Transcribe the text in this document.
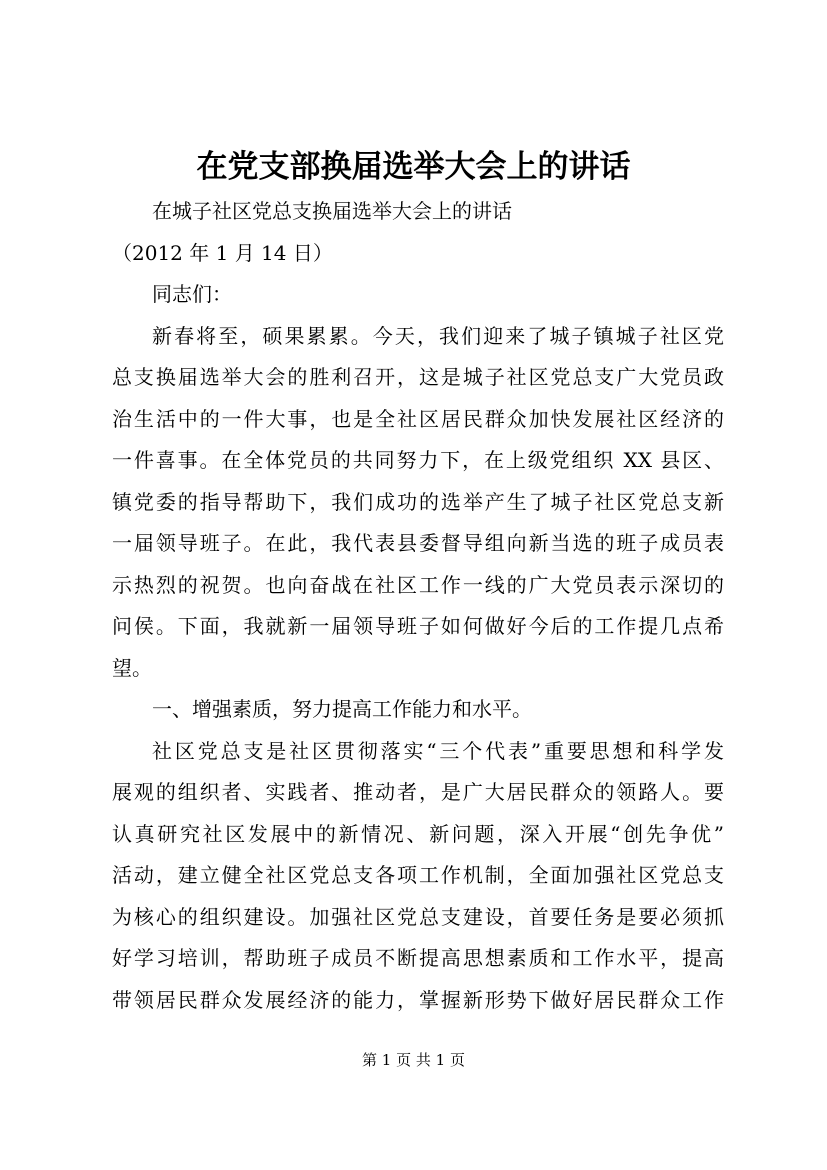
在党支部换届选举大会上的讲话
在城子社区党总支换届选举大会上的讲话
（2012 年 1 月 14 日）
同志们：
新春将至，硕果累累。今天，我们迎来了城子镇城子社区党
总支换届选举大会的胜利召开，这是城子社区党总支广大党员政
治生活中的一件大事，也是全社区居民群众加快发展社区经济的
一件喜事。在全体党员的共同努力下，在上级党组织 XX 县区、
镇党委的指导帮助下，我们成功的选举产生了城子社区党总支新
一届领导班子。在此，我代表县委督导组向新当选的班子成员表
示热烈的祝贺。也向奋战在社区工作一线的广大党员表示深切的
问侯。下面，我就新一届领导班子如何做好今后的工作提几点希
望。
一、增强素质，努力提高工作能力和水平。
社区党总支是社区贯彻落实“三个代表”重要思想和科学发
展观的组织者、实践者、推动者，是广大居民群众的领路人。要
认真研究社区发展中的新情况、新问题，深入开展“创先争优”
活动，建立健全社区党总支各项工作机制，全面加强社区党总支
为核心的组织建设。加强社区党总支建设，首要任务是要必须抓
好学习培训，帮助班子成员不断提高思想素质和工作水平，提高
带领居民群众发展经济的能力，掌握新形势下做好居民群众工作
第 1 页 共 1 页
